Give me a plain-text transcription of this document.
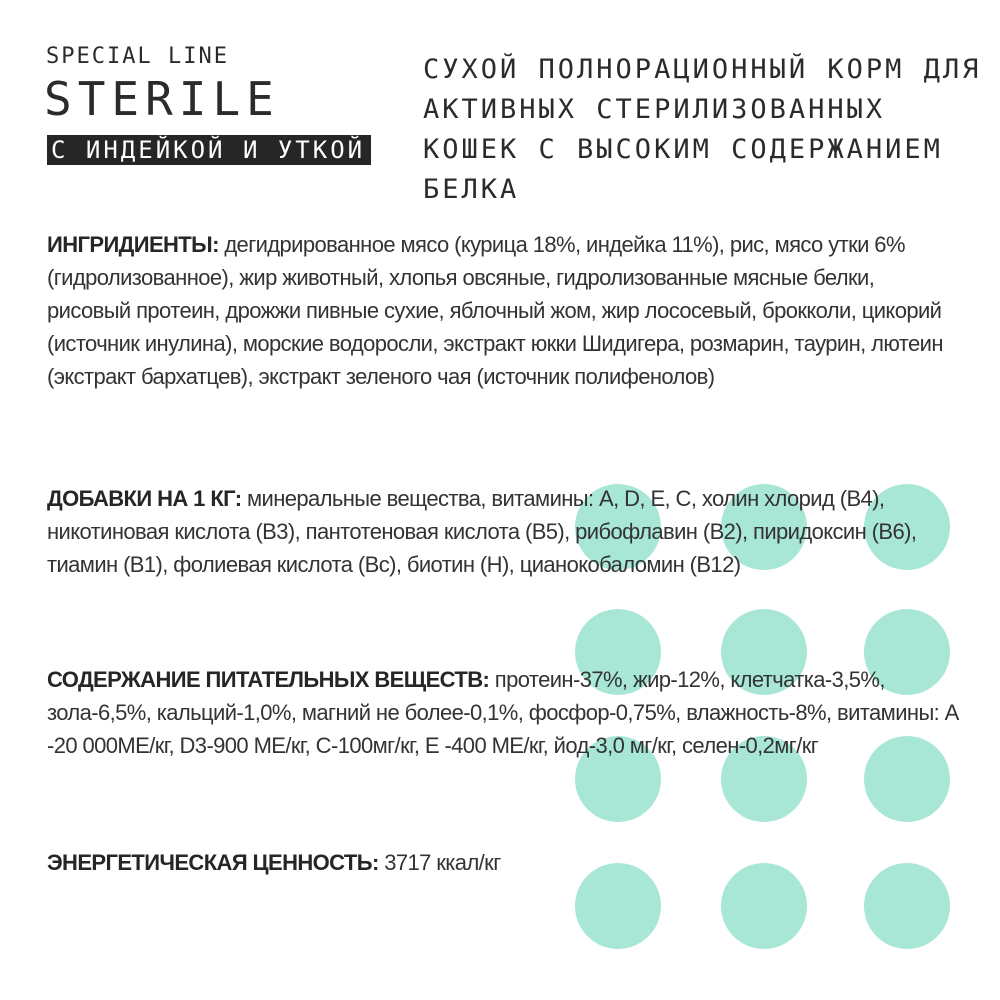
SPECIAL LINE
STERILE
С ИНДЕЙКОЙ И УТКОЙ
СУХОЙ ПОЛНОРАЦИОННЫЙ КОРМ ДЛЯ АКТИВНЫХ СТЕРИЛИЗОВАННЫХ КОШЕК С ВЫСОКИМ СОДЕРЖАНИЕМ БЕЛКА

ИНГРИДИЕНТЫ: дегидрированное мясо (курица 18%, индейка 11%), рис, мясо утки 6% (гидролизованное), жир животный, хлопья овсяные, гидролизованные мясные белки, рисовый протеин, дрожжи пивные сухие, яблочный жом, жир лососевый, брокколи, цикорий (источник инулина), морские водоросли, экстракт юкки Шидигера, розмарин, таурин, лютеин (экстракт бархатцев), экстракт зеленого чая (источник полифенолов)

ДОБАВКИ НА 1 КГ: минеральные вещества, витамины: A, D, E, C, холин хлорид (B4), никотиновая кислота (B3), пантотеновая кислота (B5), рибофлавин (B2), пиридоксин (B6), тиамин (B1), фолиевая кислота (Bc), биотин (H), цианокобаломин (B12)

СОДЕРЖАНИЕ ПИТАТЕЛЬНЫХ ВЕЩЕСТВ: протеин-37%, жир-12%, клетчатка-3,5%, зола-6,5%, кальций-1,0%, магний не более-0,1%, фосфор-0,75%, влажность-8%, витамины: A -20 000МЕ/кг, D3-900 МЕ/кг, C-100мг/кг, E -400 МЕ/кг, йод-3,0 мг/кг, селен-0,2мг/кг

ЭНЕРГЕТИЧЕСКАЯ ЦЕННОСТЬ: 3717 ккал/кг
